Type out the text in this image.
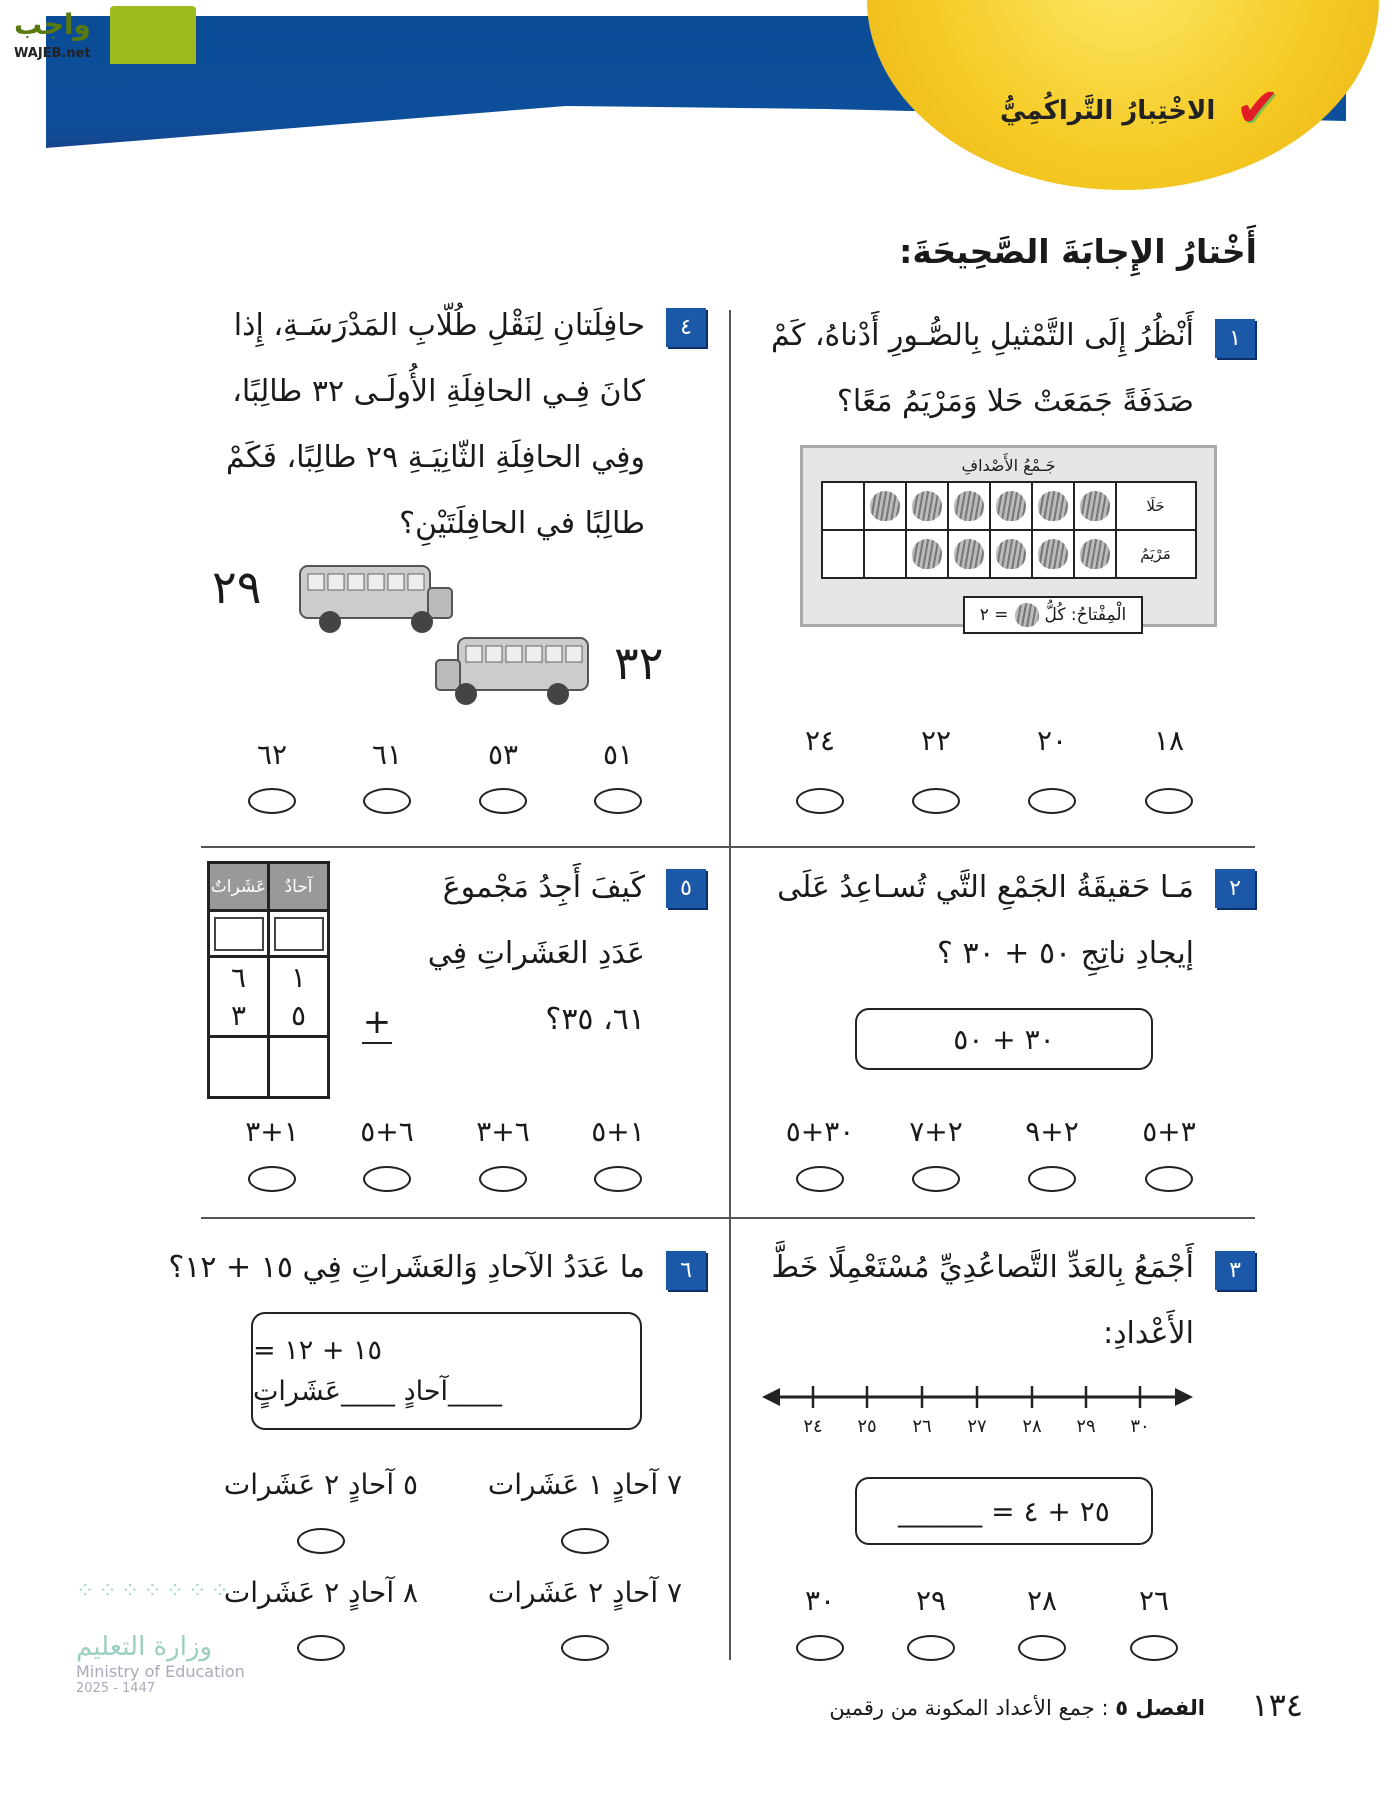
واجب
WAJEB.net
الاخْتِبارُ التَّراكُمِيُّ ✔
أَخْتارُ الإِجابَةَ الصَّحِيحَةَ:
١
أَنْظُرُ إِلَى التَّمْثيلِ بِالصُّـورِ أَدْناهُ، كَمْ
صَدَفَةً جَمَعَتْ حَلا وَمَرْيَمُ مَعًا؟
جَـمْعُ الأَصْدافِ
حَلَا	

مَرْيَمُ	

الْمِفْتاحُ: كُلُّ
= ٢
٤
حافِلَتانِ لِنَقْلِ طُلّابِ المَدْرَسَـةِ، إِذا
كانَ فِـي الحافِلَةِ الأُولَـى ٣٢ طالِبًا،
وفِي الحافِلَةِ الثّانِيَـةِ ٢٩ طالِبًا، فَكَمْ
طالِبًا في الحافِلَتَيْنِ؟
٢٩
٣٢
٢
مَـا حَقيقَةُ الجَمْعِ التَّي تُسـاعِدُ عَلَى
إيجادِ ناتِجِ ٥٠ + ٣٠ ؟
٣٠ + ٥٠
٥
كَيفَ أَجِدُ مَجْموعَ
عَدَدِ العَشَراتِ فِي
٦١، ٣٥؟
عَشَراتٌ	آحادٌ

٦	١
٣	٥
	+
٣
أَجْمَعُ بِالعَدِّ التَّصاعُدِيِّ مُسْتَعْمِلًا خَطَّ
الأَعْدادِ:
٢٤ ٢٥ ٢٦ ٢٧ ٢٨ ٢٩ ٣٠
٢٥ + ٤ = ______
٦
ما عَدَدُ الآحادِ وَالعَشَراتِ فِي ١٥ + ١٢؟
١٥ + ١٢ =
____آحادٍ ____عَشَراتٍ
١٨
٢٠
٢٢
٢٤
٥١
٥٣
٦١
٦٢
٣+٥
٢+٩
٢+٧
٣٠+٥
١+٥
٦+٣
٦+٥
١+٣
٢٦
٢٨
٢٩
٣٠
٧ آحادٍ ١ عَشَرات
٥ آحادٍ ٢ عَشَرات
٧ آحادٍ ٢ عَشَرات
٨ آحادٍ ٢ عَشَرات
١٣٤
الفصل ٥ : جمع الأعداد المكونة من رقمين
⁘⁘⁘⁘⁘⁘⁘
وزارة التعليم
Ministry of Education
2025 - 1447
